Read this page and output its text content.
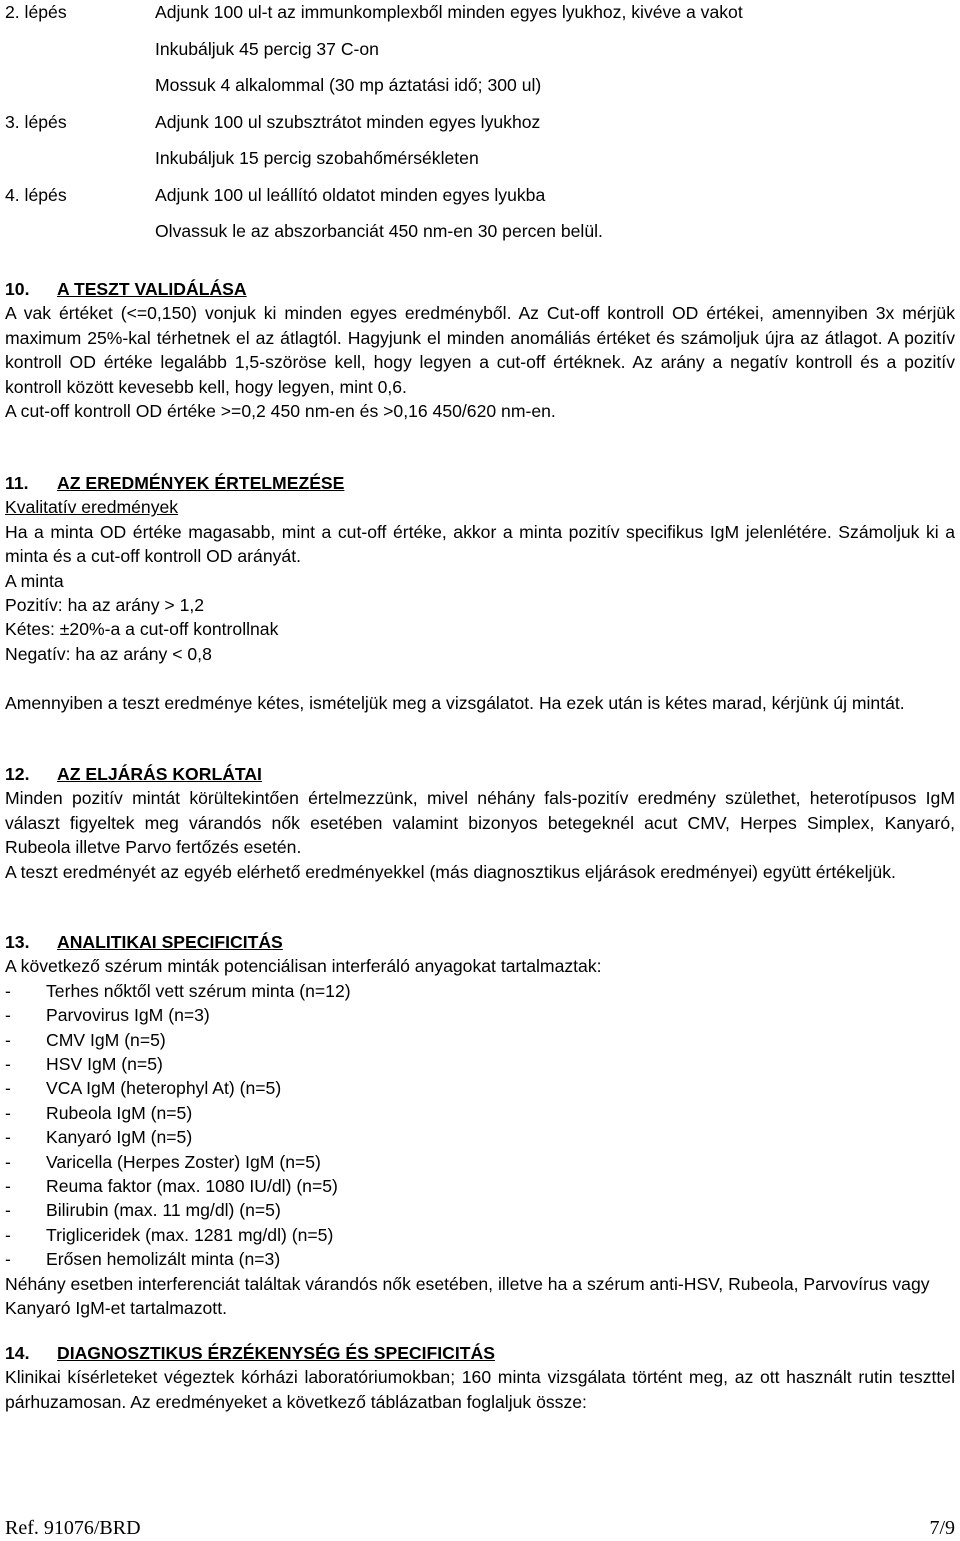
2. lépés	Adjunk 100 ul-t az immunkomplexből minden egyes lyukhoz, kivéve a vakot
Inkubáljuk 45 percig 37 C-on
Mossuk 4 alkalommal (30 mp áztatási idő; 300 ul)
3. lépés	Adjunk 100 ul szubsztrátot minden egyes lyukhoz
Inkubáljuk 15 percig szobahőmérsékleten
4. lépés	Adjunk 100 ul leállító oldatot minden egyes lyukba
Olvassuk le az abszorbanciát 450 nm-en 30 percen belül.
10. A TESZT VALIDÁLÁSA

A vak értéket (<=0,150) vonjuk ki minden egyes eredményből. Az Cut-off kontroll OD értékei, amennyiben 3x mérjük maximum 25%-kal térhetnek el az átlagtól. Hagyjunk el minden anomáliás értéket és számoljuk újra az átlagot. A pozitív kontroll OD értéke legalább 1,5-szöröse kell, hogy legyen a cut-off értéknek. Az arány a negatív kontroll és a pozitív kontroll között kevesebb kell, hogy legyen, mint 0,6.

A cut-off kontroll OD értéke >=0,2 450 nm-en és >0,16 450/620 nm-en.

11. AZ EREDMÉNYEK ÉRTELMEZÉSE

Kvalitatív eredmények

Ha a minta OD értéke magasabb, mint a cut-off értéke, akkor a minta pozitív specifikus IgM jelenlétére. Számoljuk ki a minta és a cut-off kontroll OD arányát.

A minta

Pozitív: ha az arány > 1,2

Kétes: ±20%-a a cut-off kontrollnak

Negatív: ha az arány < 0,8

Amennyiben a teszt eredménye kétes, ismételjük meg a vizsgálatot. Ha ezek után is kétes marad, kérjünk új mintát.

12. AZ ELJÁRÁS KORLÁTAI

Minden pozitív mintát körültekintően értelmezzünk, mivel néhány fals-pozitív eredmény születhet, heterotípusos IgM választ figyeltek meg várandós nők esetében valamint bizonyos betegeknél acut CMV, Herpes Simplex, Kanyaró, Rubeola illetve Parvo fertőzés esetén.

A teszt eredményét az egyéb elérhető eredményekkel (más diagnosztikus eljárások eredményei) együtt értékeljük.

13. ANALITIKAI SPECIFICITÁS

A következő szérum minták potenciálisan interferáló anyagokat tartalmaztak:

-	Terhes nőktől vett szérum minta (n=12)
-	Parvovirus IgM (n=3)
-	CMV IgM (n=5)
-	HSV IgM (n=5)
-	VCA IgM (heterophyl At) (n=5)
-	Rubeola IgM (n=5)
-	Kanyaró IgM (n=5)
-	Varicella (Herpes Zoster) IgM (n=5)
-	Reuma faktor (max. 1080 IU/dl) (n=5)
-	Bilirubin (max. 11 mg/dl) (n=5)
-	Trigliceridek (max. 1281 mg/dl) (n=5)
-	Erősen hemolizált minta (n=3)

Néhány esetben interferenciát találtak várandós nők esetében, illetve ha a szérum anti-HSV, Rubeola, Parvovírus vagy Kanyaró IgM-et tartalmazott.

14. DIAGNOSZTIKUS ÉRZÉKENYSÉG ÉS SPECIFICITÁS

Klinikai kísérleteket végeztek kórházi laboratóriumokban; 160 minta vizsgálata történt meg, az ott használt rutin teszttel párhuzamosan. Az eredményeket a következő táblázatban foglaljuk össze:

Ref. 91076/BRD	7/9
